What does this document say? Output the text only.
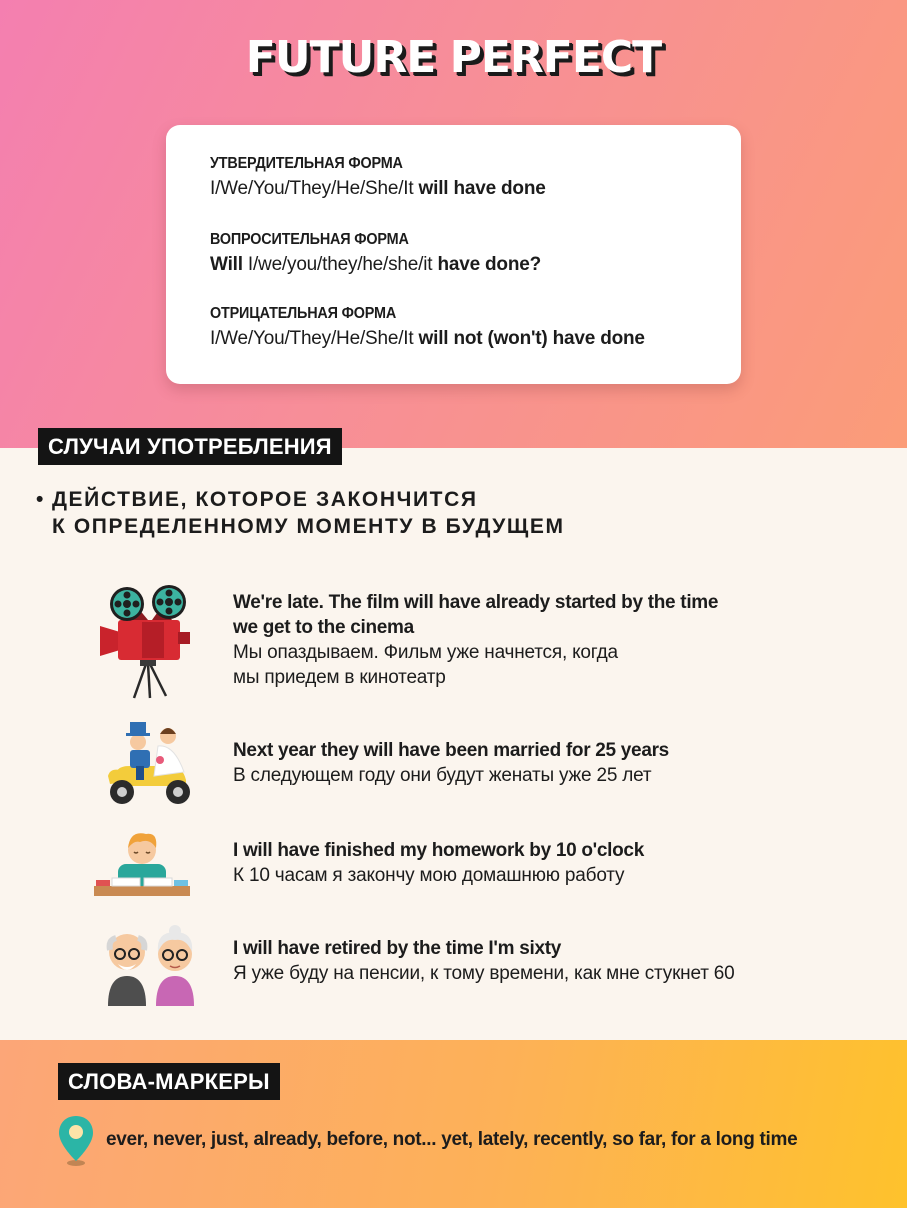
FUTURE PERFECT
УТВЕРДИТЕЛЬНАЯ ФОРМА
I/We/You/They/He/She/It will have done
ВОПРОСИТЕЛЬНАЯ ФОРМА
Will I/we/you/they/he/she/it have done?
ОТРИЦАТЕЛЬНАЯ ФОРМА
I/We/You/They/He/She/It will not (won't) have done
СЛУЧАИ УПОТРЕБЛЕНИЯ
• ДЕЙСТВИЕ, КОТОРОЕ ЗАКОНЧИТСЯ
К ОПРЕДЕЛЕННОМУ МОМЕНТУ В БУДУЩЕМ
We're late. The film will have already started by the time
we get to the cinema
Мы опаздываем. Фильм уже начнется, когда
мы приедем в кинотеатр
Next year they will have been married for 25 years
В следующем году они будут женаты уже 25 лет
I will have finished my homework by 10 o'clock
К 10 часам я закончу мою домашнюю работу
I will have retired by the time I'm sixty
Я уже буду на пенсии, к тому времени, как мне стукнет 60
СЛОВА-МАРКЕРЫ
ever, never, just, already, before, not... yet, lately, recently, so far, for a long time
